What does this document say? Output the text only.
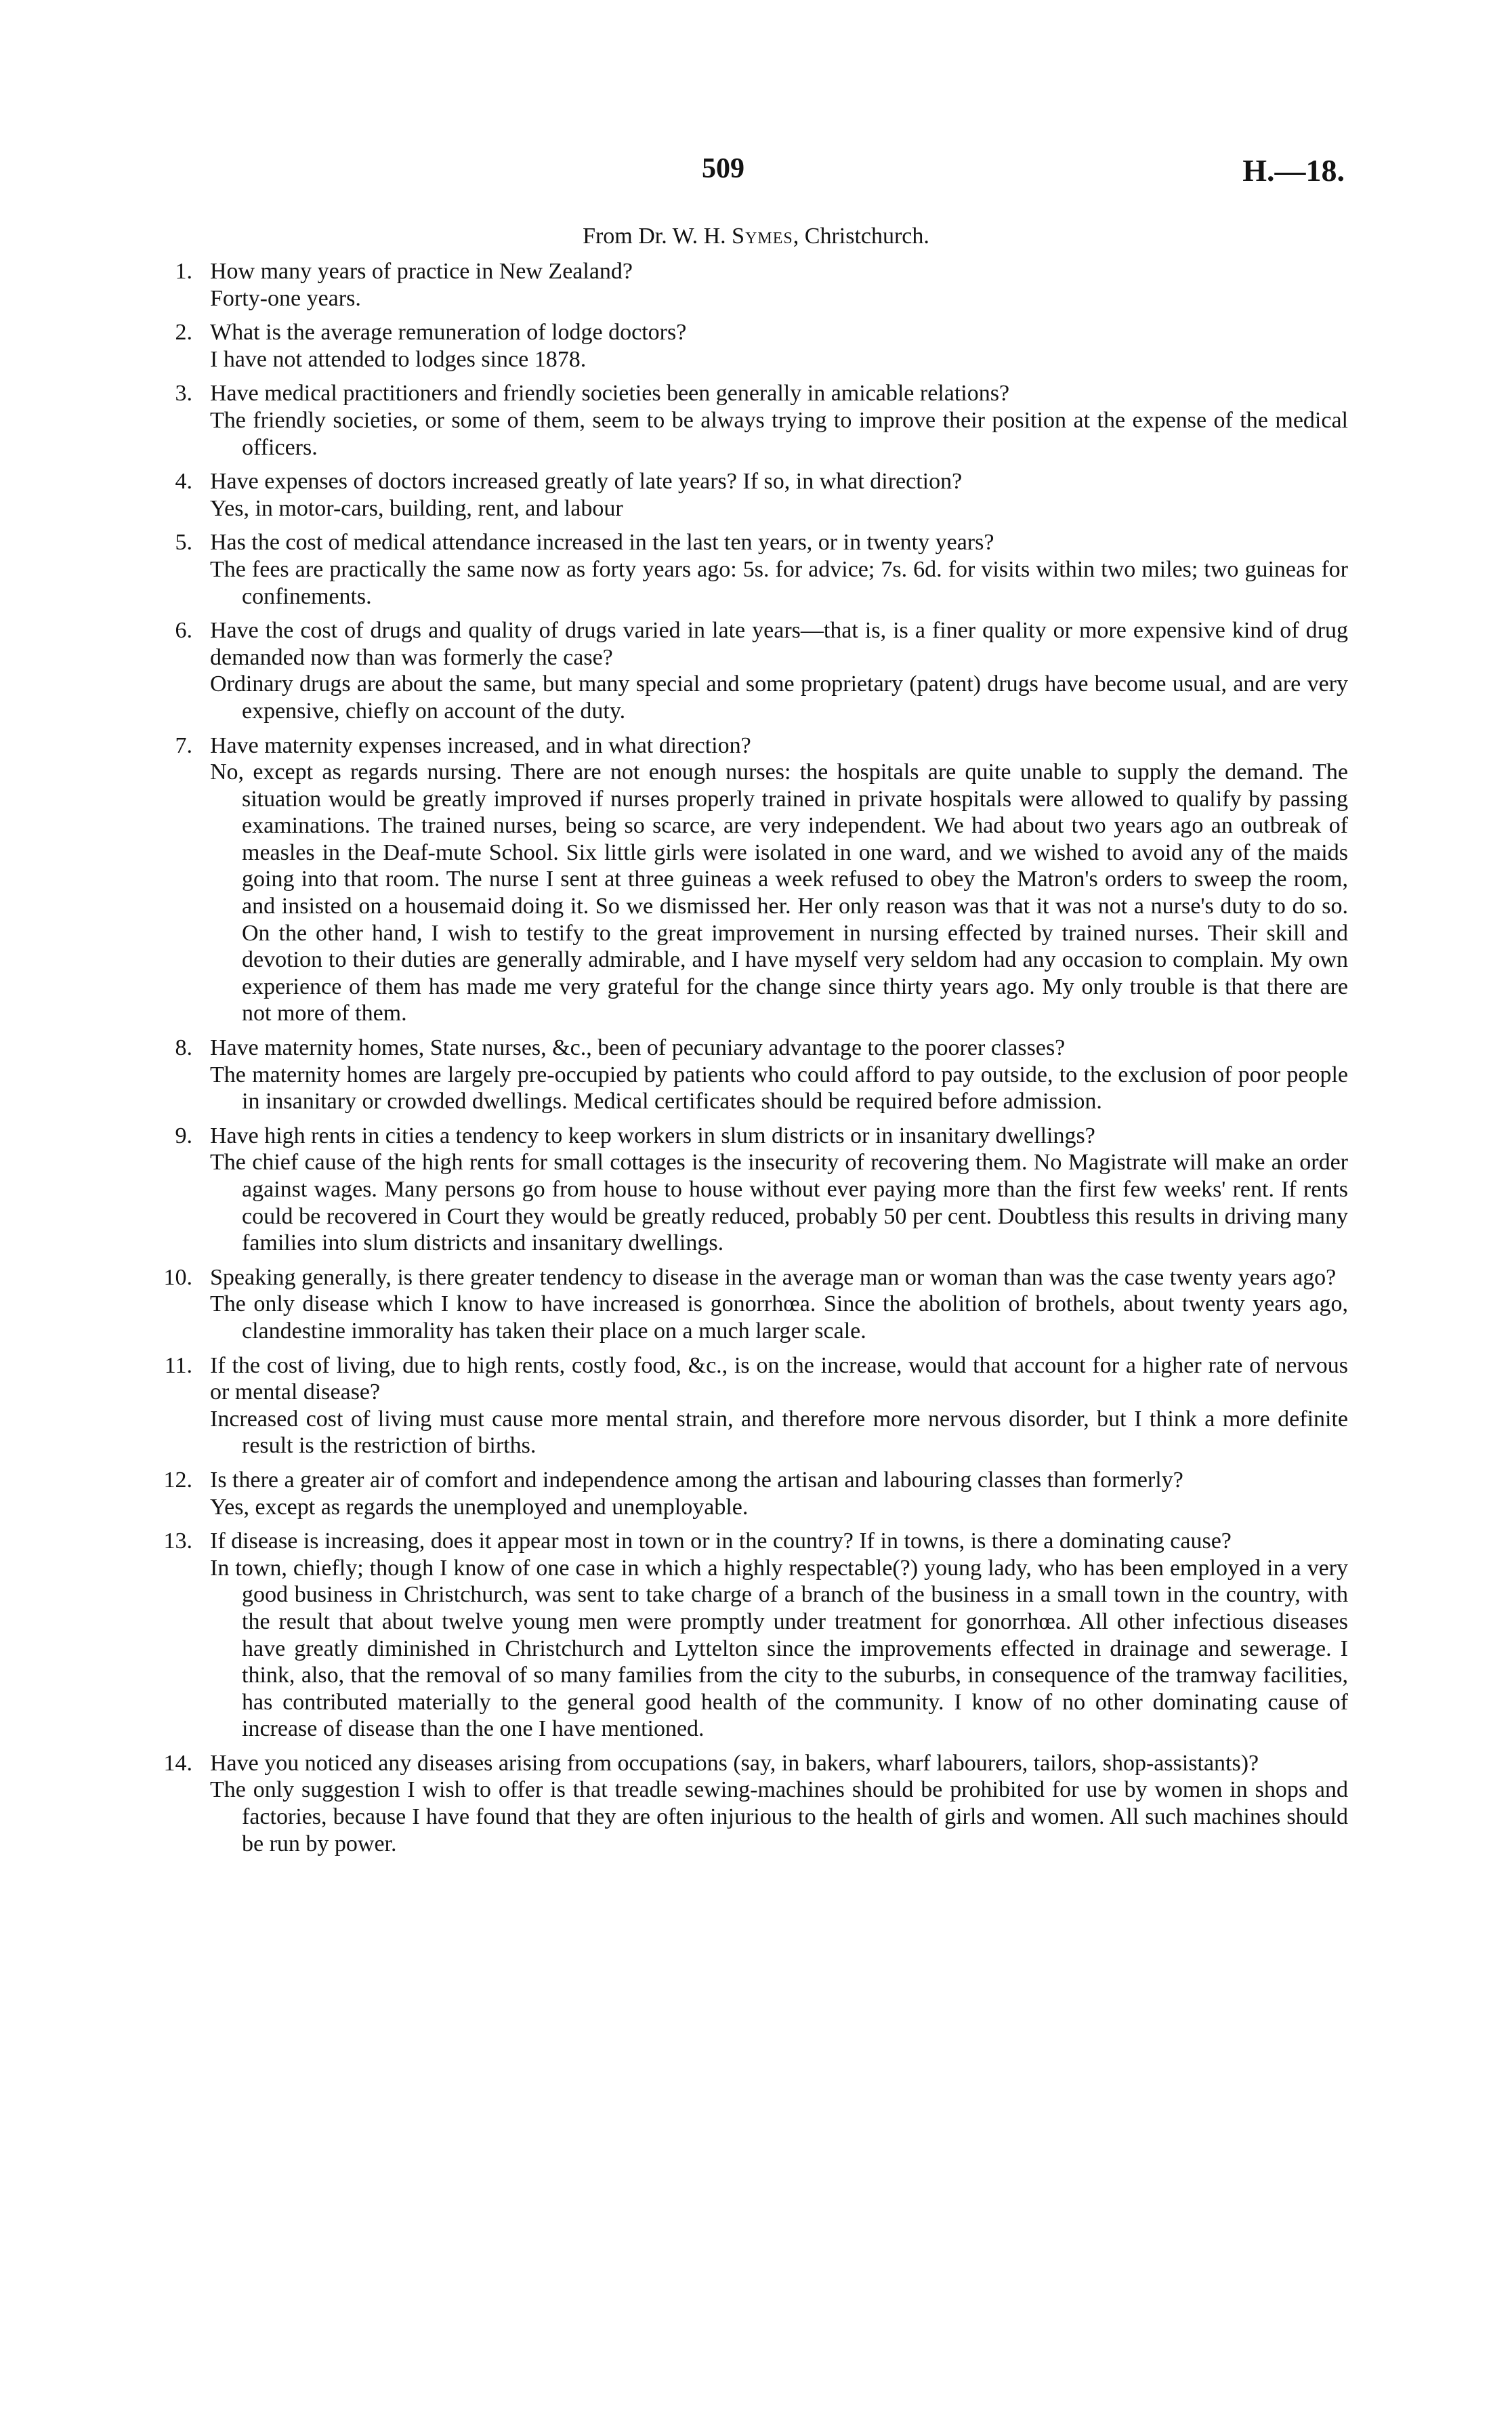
509	H.—18.
From Dr. W. H. Symes, Christchurch.
1. How many years of practice in New Zealand?
Forty-one years.
2. What is the average remuneration of lodge doctors?
I have not attended to lodges since 1878.
3. Have medical practitioners and friendly societies been generally in amicable relations?
The friendly societies, or some of them, seem to be always trying to improve their position at the expense of the medical officers.
4. Have expenses of doctors increased greatly of late years? If so, in what direction?
Yes, in motor-cars, building, rent, and labour
5. Has the cost of medical attendance increased in the last ten years, or in twenty years?
The fees are practically the same now as forty years ago: 5s. for advice; 7s. 6d. for visits within two miles; two guineas for confinements.
6. Have the cost of drugs and quality of drugs varied in late years—that is, is a finer quality or more expensive kind of drug demanded now than was formerly the case?
Ordinary drugs are about the same, but many special and some proprietary (patent) drugs have become usual, and are very expensive, chiefly on account of the duty.
7. Have maternity expenses increased, and in what direction?
No, except as regards nursing. There are not enough nurses: the hospitals are quite unable to supply the demand. The situation would be greatly improved if nurses properly trained in private hospitals were allowed to qualify by passing examinations. The trained nurses, being so scarce, are very independent. We had about two years ago an outbreak of measles in the Deaf-mute School. Six little girls were isolated in one ward, and we wished to avoid any of the maids going into that room. The nurse I sent at three guineas a week refused to obey the Matron's orders to sweep the room, and insisted on a housemaid doing it. So we dismissed her. Her only reason was that it was not a nurse's duty to do so. On the other hand, I wish to testify to the great improvement in nursing effected by trained nurses. Their skill and devotion to their duties are generally admirable, and I have myself very seldom had any occasion to complain. My own experience of them has made me very grateful for the change since thirty years ago. My only trouble is that there are not more of them.
8. Have maternity homes, State nurses, &c., been of pecuniary advantage to the poorer classes?
The maternity homes are largely pre-occupied by patients who could afford to pay outside, to the exclusion of poor people in insanitary or crowded dwellings. Medical certificates should be required before admission.
9. Have high rents in cities a tendency to keep workers in slum districts or in insanitary dwellings?
The chief cause of the high rents for small cottages is the insecurity of recovering them. No Magistrate will make an order against wages. Many persons go from house to house without ever paying more than the first few weeks' rent. If rents could be recovered in Court they would be greatly reduced, probably 50 per cent. Doubtless this results in driving many families into slum districts and insanitary dwellings.
10. Speaking generally, is there greater tendency to disease in the average man or woman than was the case twenty years ago?
The only disease which I know to have increased is gonorrhœa. Since the abolition of brothels, about twenty years ago, clandestine immorality has taken their place on a much larger scale.
11. If the cost of living, due to high rents, costly food, &c., is on the increase, would that account for a higher rate of nervous or mental disease?
Increased cost of living must cause more mental strain, and therefore more nervous disorder, but I think a more definite result is the restriction of births.
12. Is there a greater air of comfort and independence among the artisan and labouring classes than formerly?
Yes, except as regards the unemployed and unemployable.
13. If disease is increasing, does it appear most in town or in the country? If in towns, is there a dominating cause?
In town, chiefly; though I know of one case in which a highly respectable(?) young lady, who has been employed in a very good business in Christchurch, was sent to take charge of a branch of the business in a small town in the country, with the result that about twelve young men were promptly under treatment for gonorrhœa. All other infectious diseases have greatly diminished in Christchurch and Lyttelton since the improvements effected in drainage and sewerage. I think, also, that the removal of so many families from the city to the suburbs, in consequence of the tramway facilities, has contributed materially to the general good health of the community. I know of no other dominating cause of increase of disease than the one I have mentioned.
14. Have you noticed any diseases arising from occupations (say, in bakers, wharf labourers, tailors, shop-assistants)?
The only suggestion I wish to offer is that treadle sewing-machines should be prohibited for use by women in shops and factories, because I have found that they are often injurious to the health of girls and women. All such machines should be run by power.
